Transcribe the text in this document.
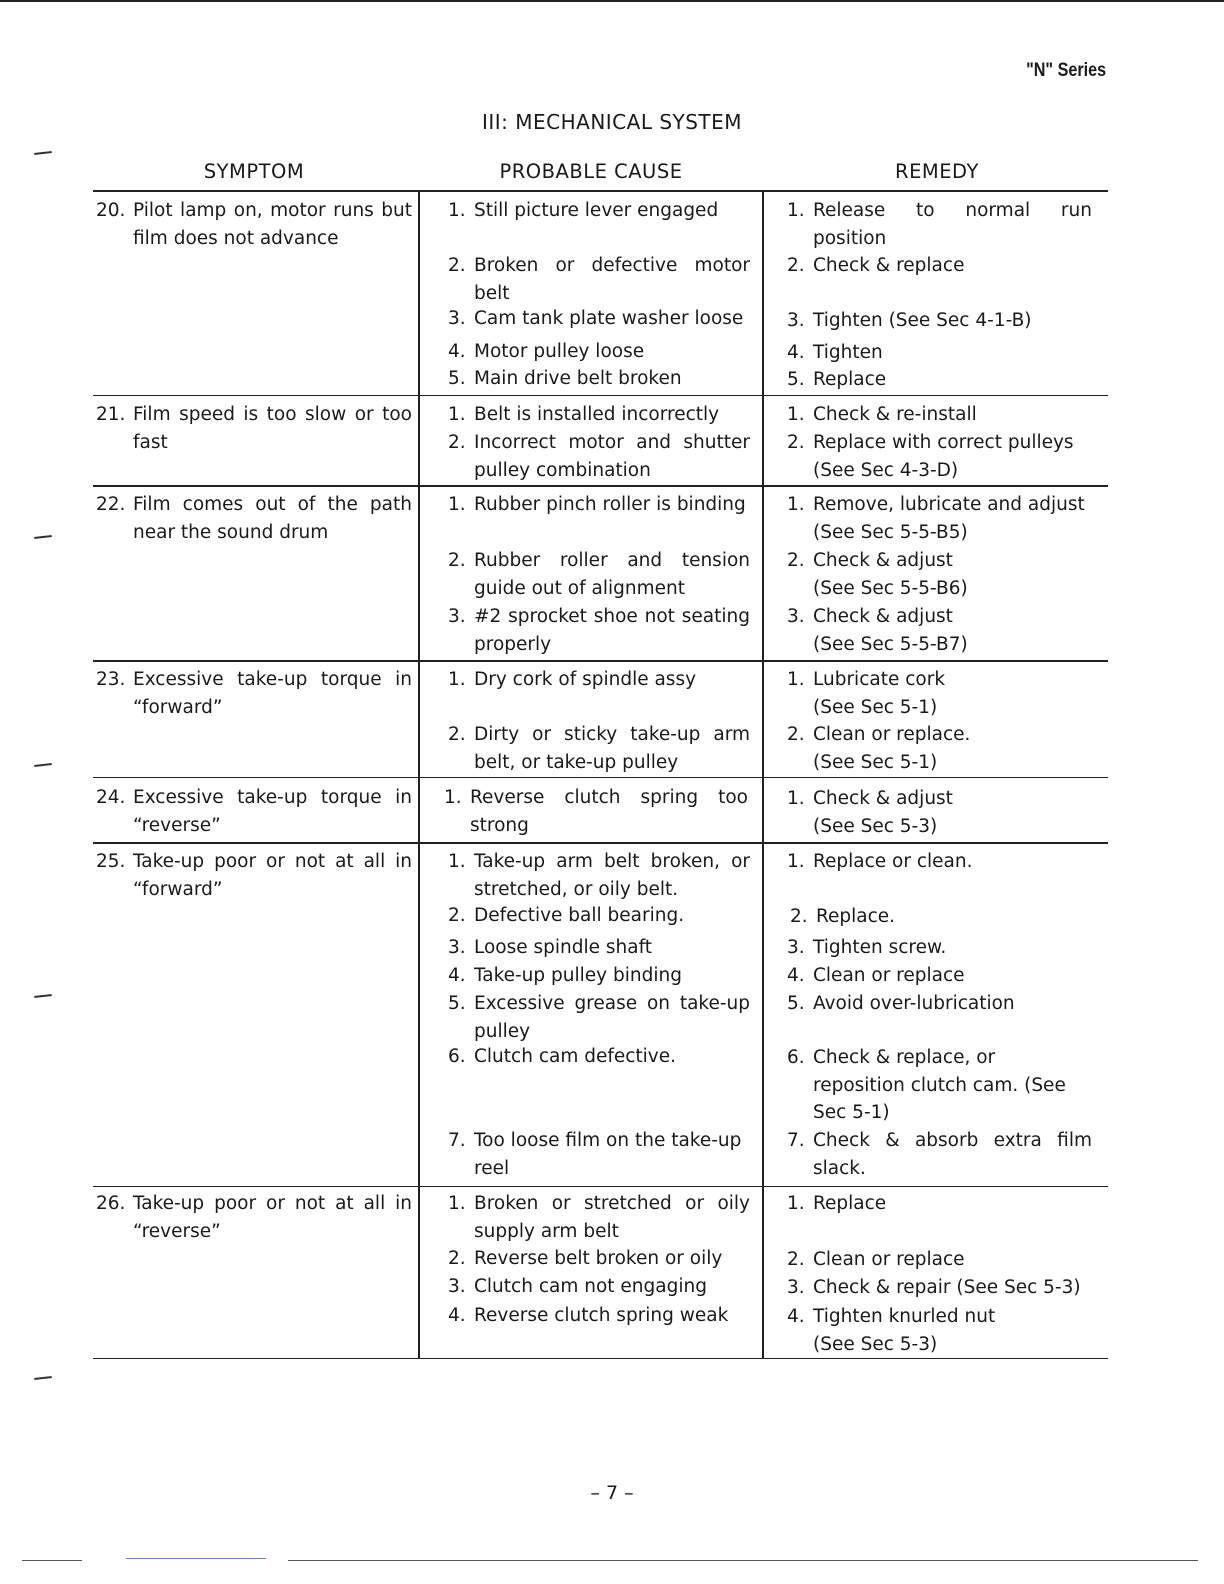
"N" Series
III: MECHANICAL SYSTEM
SYMPTOM	PROBABLE CAUSE	REMEDY
20. Pilot lamp on, motor runs but film does not advance
1. Still picture lever engaged
2. Broken or defective motor belt
3. Cam tank plate washer loose
4. Motor pulley loose
5. Main drive belt broken
1. Release to normal run position
2. Check & replace
3. Tighten (See Sec 4-1-B)
4. Tighten
5. Replace
21. Film speed is too slow or too fast
1. Belt is installed incorrectly
2. Incorrect motor and shutter pulley combination
1. Check & re-install
2. Replace with correct pulleys (See Sec 4-3-D)
22. Film comes out of the path near the sound drum
1. Rubber pinch roller is binding
2. Rubber roller and tension guide out of alignment
3. #2 sprocket shoe not seating properly
1. Remove, lubricate and adjust (See Sec 5-5-B5)
2. Check & adjust (See Sec 5-5-B6)
3. Check & adjust (See Sec 5-5-B7)
23. Excessive take-up torque in “forward”
1. Dry cork of spindle assy
2. Dirty or sticky take-up arm belt, or take-up pulley
1. Lubricate cork (See Sec 5-1)
2. Clean or replace. (See Sec 5-1)
24. Excessive take-up torque in “reverse”
1. Reverse clutch spring too strong
1. Check & adjust (See Sec 5-3)
25. Take-up poor or not at all in “forward”
1. Take-up arm belt broken, or stretched, or oily belt.
2. Defective ball bearing.
3. Loose spindle shaft
4. Take-up pulley binding
5. Excessive grease on take-up pulley
6. Clutch cam defective.
7. Too loose film on the take-up reel
1. Replace or clean.
2. Replace.
3. Tighten screw.
4. Clean or replace
5. Avoid over-lubrication
6. Check & replace, or reposition clutch cam. (See Sec 5-1)
7. Check & absorb extra film slack.
26. Take-up poor or not at all in “reverse”
1. Broken or stretched or oily supply arm belt
2. Reverse belt broken or oily
3. Clutch cam not engaging
4. Reverse clutch spring weak
1. Replace
2. Clean or replace
3. Check & repair (See Sec 5-3)
4. Tighten knurled nut (See Sec 5-3)
– 7 –
